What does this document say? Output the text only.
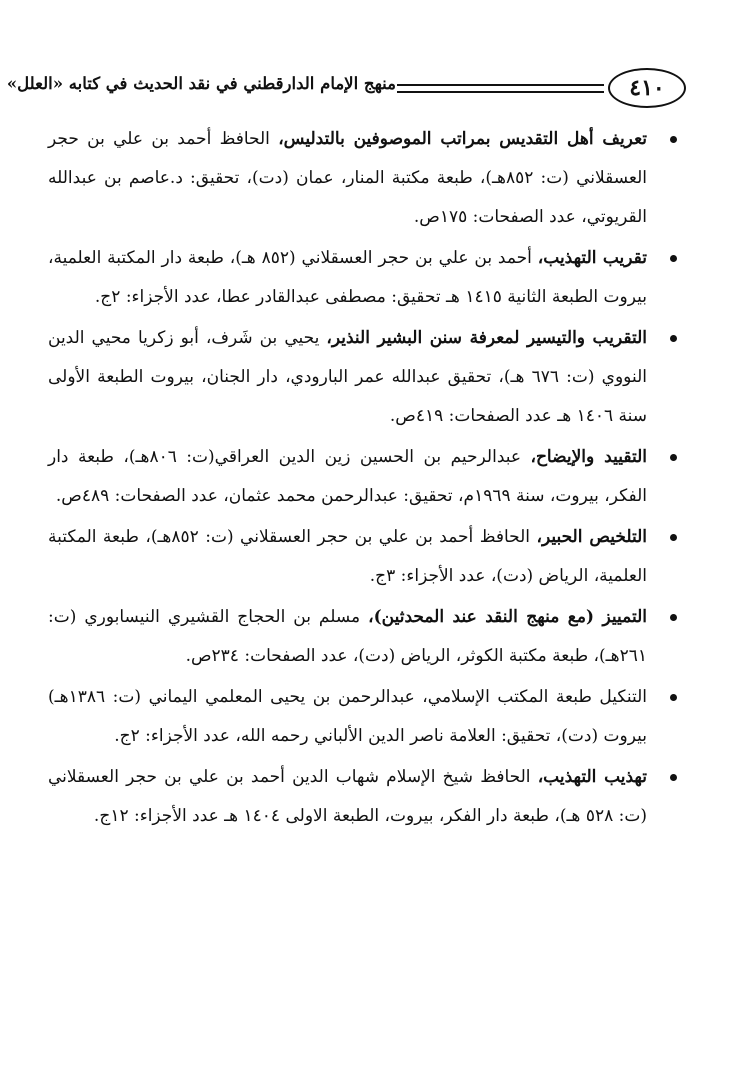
٤١٠
منهج الإمام الدارقطني في نقد الحديث في كتابه «العلل»
تعريف أهل التقديس بمراتب الموصوفين بالتدليس، الحافظ أحمد بن علي بن حجر العسقلاني (ت: ٨٥٢هـ)، طبعة مكتبة المنار، عمان (دت)، تحقيق: د.عاصم بن عبدالله القريوتي، عدد الصفحات: ١٧٥ص.
تقريب التهذيب، أحمد بن علي بن حجر العسقلاني (٨٥٢ هـ)، طبعة دار المكتبة العلمية، بيروت الطبعة الثانية ١٤١٥ هـ تحقيق: مصطفى عبدالقادر عطا، عدد الأجزاء: ٢ج.
التقريب والتيسير لمعرفة سنن البشير النذير، يحيي بن شَرف، أبو زكريا محيي الدين النووي (ت: ٦٧٦ هـ)، تحقيق عبدالله عمر البارودي، دار الجنان، بيروت الطبعة الأولى سنة ١٤٠٦ هـ عدد الصفحات: ٤١٩ص.
التقييد والإيضاح، عبدالرحيم بن الحسين زين الدين العراقي(ت: ٨٠٦هـ)، طبعة دار الفكر، بيروت، سنة ١٩٦٩م، تحقيق: عبدالرحمن محمد عثمان، عدد الصفحات: ٤٨٩ص.
التلخيص الحبير، الحافظ أحمد بن علي بن حجر العسقلاني (ت: ٨٥٢هـ)، طبعة المكتبة العلمية، الرياض (دت)، عدد الأجزاء: ٣ج.
التمييز (مع منهج النقد عند المحدثين)، مسلم بن الحجاج القشيري النيسابوري (ت: ٢٦١هـ)، طبعة مكتبة الكوثر، الرياض (دت)، عدد الصفحات: ٢٣٤ص.
التنكيل طبعة المكتب الإسلامي، عبدالرحمن بن يحيى المعلمي اليماني (ت: ١٣٨٦هـ) بيروت (دت)، تحقيق: العلامة ناصر الدين الألباني رحمه الله، عدد الأجزاء: ٢ج.
تهذيب التهذيب، الحافظ شيخ الإسلام شهاب الدين أحمد بن علي بن حجر العسقلاني (ت: ٥٢٨ هـ)، طبعة دار الفكر، بيروت، الطبعة الاولى ١٤٠٤ هـ عدد الأجزاء: ١٢ج.
